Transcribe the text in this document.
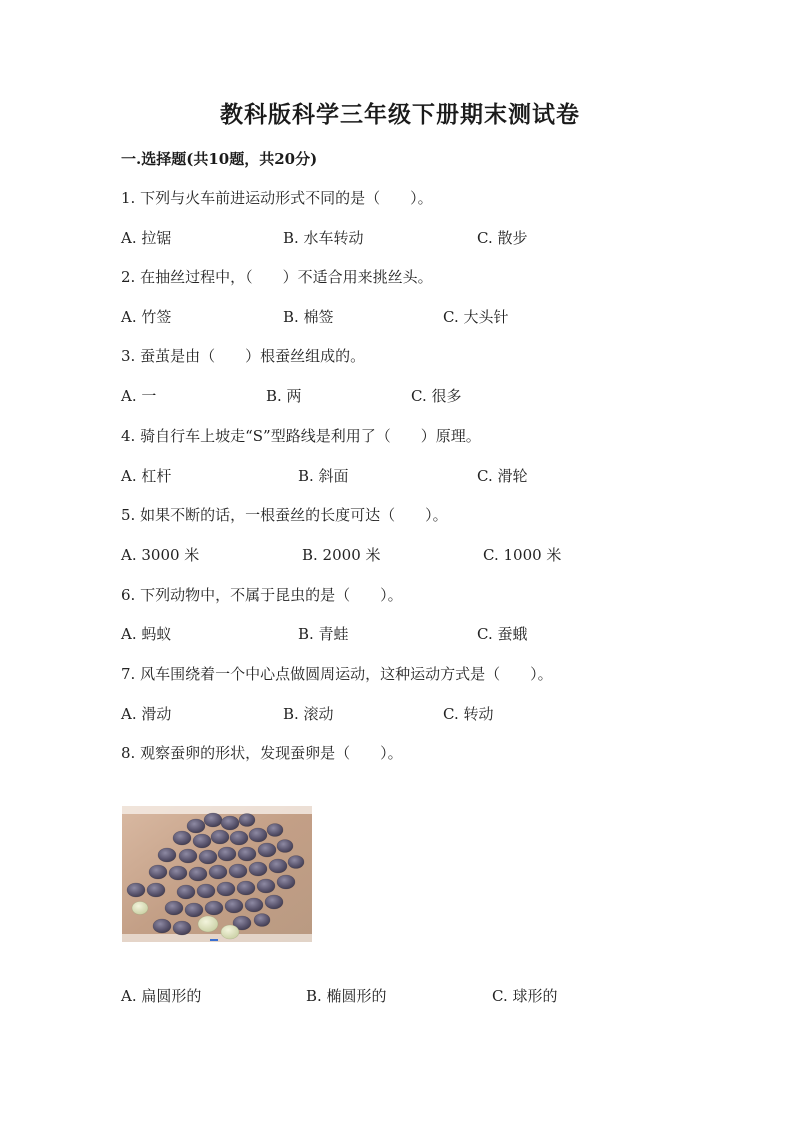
教科版科学三年级下册期末测试卷
一.选择题(共10题，共20分)
1. 下列与火车前进运动形式不同的是（　　）。
A. 拉锯	B. 水车转动	C. 散步
2. 在抽丝过程中，（　　）不适合用来挑丝头。
A. 竹签	B. 棉签	C. 大头针
3. 蚕茧是由（　　）根蚕丝组成的。
A. 一	B. 两	C. 很多
4. 骑自行车上坡走“S”型路线是利用了（　　）原理。
A. 杠杆	B. 斜面	C. 滑轮
5. 如果不断的话，一根蚕丝的长度可达（　　）。
A. 3000 米	B. 2000 米	C. 1000 米
6. 下列动物中，不属于昆虫的是（　　）。
A. 蚂蚁	B. 青蛙	C. 蚕蛾
7. 风车围绕着一个中心点做圆周运动，这种运动方式是（　　）。
A. 滑动	B. 滚动	C. 转动
8. 观察蚕卵的形状，发现蚕卵是（　　）。
A. 扁圆形的	B. 椭圆形的	C. 球形的
